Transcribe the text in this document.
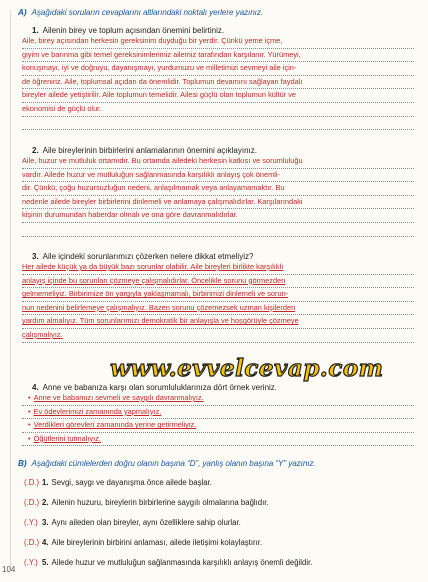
A) Aşağıdaki soruların cevaplarını altlarındaki noktalı yerlere yazınız.
1. Ailenin birey ve toplum açısından önemini belirtiniz.
Aile, birey açısından herkesin gereksinim duyduğu bir yerdir. Çünkü yeme içme,
giyim ve barınma gibi temel gereksinimlerimiz ailemiz tarafından karşılanır. Yürümeyi,
konuşmayı, iyi ve doğruyu, dayanışmayı, yurdumuzu ve milletimizi sevmeyi aile için-
de öğreniriz. Aile, toplumsal açıdan da önemlidir. Toplumun devamını sağlayan faydalı
bireyler ailede yetiştirilir. Aile toplumun temelidir. Ailesi güçlü olan toplumun kültür ve
ekonomisi de güçlü olur.
2. Aile bireylerinin birbirlerini anlamalarının önemini açıklayınız.
Aile, huzur ve mutluluk ortamıdır. Bu ortamda ailedeki herkesin katkısı ve sorumluluğu
vardır. Ailede huzur ve mutluluğun sağlanmasında karşılıklı anlayış çok önemli-
dir. Çünkü, çoğu huzursuzluğun nedeni, anlaşılmamak veya anlayamamaktır. Bu
nedenle ailede bireyler birbirlerini dinlemeli ve anlamaya çalışmalıdırlar. Karşılarındaki
kişinin durumundan haberdar olmalı ve ona göre davranmalıdırlar.
3. Aile içindeki sorunlarımızı çözerken nelere dikkat etmeliyiz?
Her ailede küçük ya da büyük bazı sorunlar olabilir. Aile bireyleri birlikte karşılıklı
anlayış içinde bu sorunları çözmeye çalışmalıdırlar. Öncelikle sorunu görmezden
gelmemeliyiz. Birbirimize ön yargıyla yaklaşmamalı, birbirimizi dinlemeli ve sorun-
nun nedenini belirlemeye çalışmalıyız. Bazen sorunu çözemezsek uzman kişilerden
yardım almalıyız. Tüm sorunlarımızı demokratik bir anlayışla ve hoşgörüyle çözmeye
çalışmalıyız.
www.evvelcevap.com
4. Anne ve babanıza karşı olan sorumluluklarınıza dört örnek veriniz.
• Anne ve babamızı sevmeli ve saygılı davranmalıyız.
• Ev ödevlerimizi zamanında yapmalıyız.
• Verdikleri görevleri zamanında yerine getirmeliyiz.
• Öğütlerini tutmalıyız.
B) Aşağıdaki cümlelerden doğru olanın başına “D”, yanlış olanın başına “Y” yazınız.
(.D.) 1. Sevgi, saygı ve dayanışma önce ailede başlar.
(.D.) 2. Ailenin huzuru, bireylerin birbirlerine saygılı olmalarına bağlıdır.
(.Y.) 3. Aynı aileden olan bireyler, aynı özelliklere sahip olurlar.
(.D.) 4. Aile bireylerinin birbirini anlaması, ailede iletişimi kolaylaştırır.
(.Y.) 5. Ailede huzur ve mutluluğun sağlanmasında karşılıklı anlayış önemli değildir.
104
